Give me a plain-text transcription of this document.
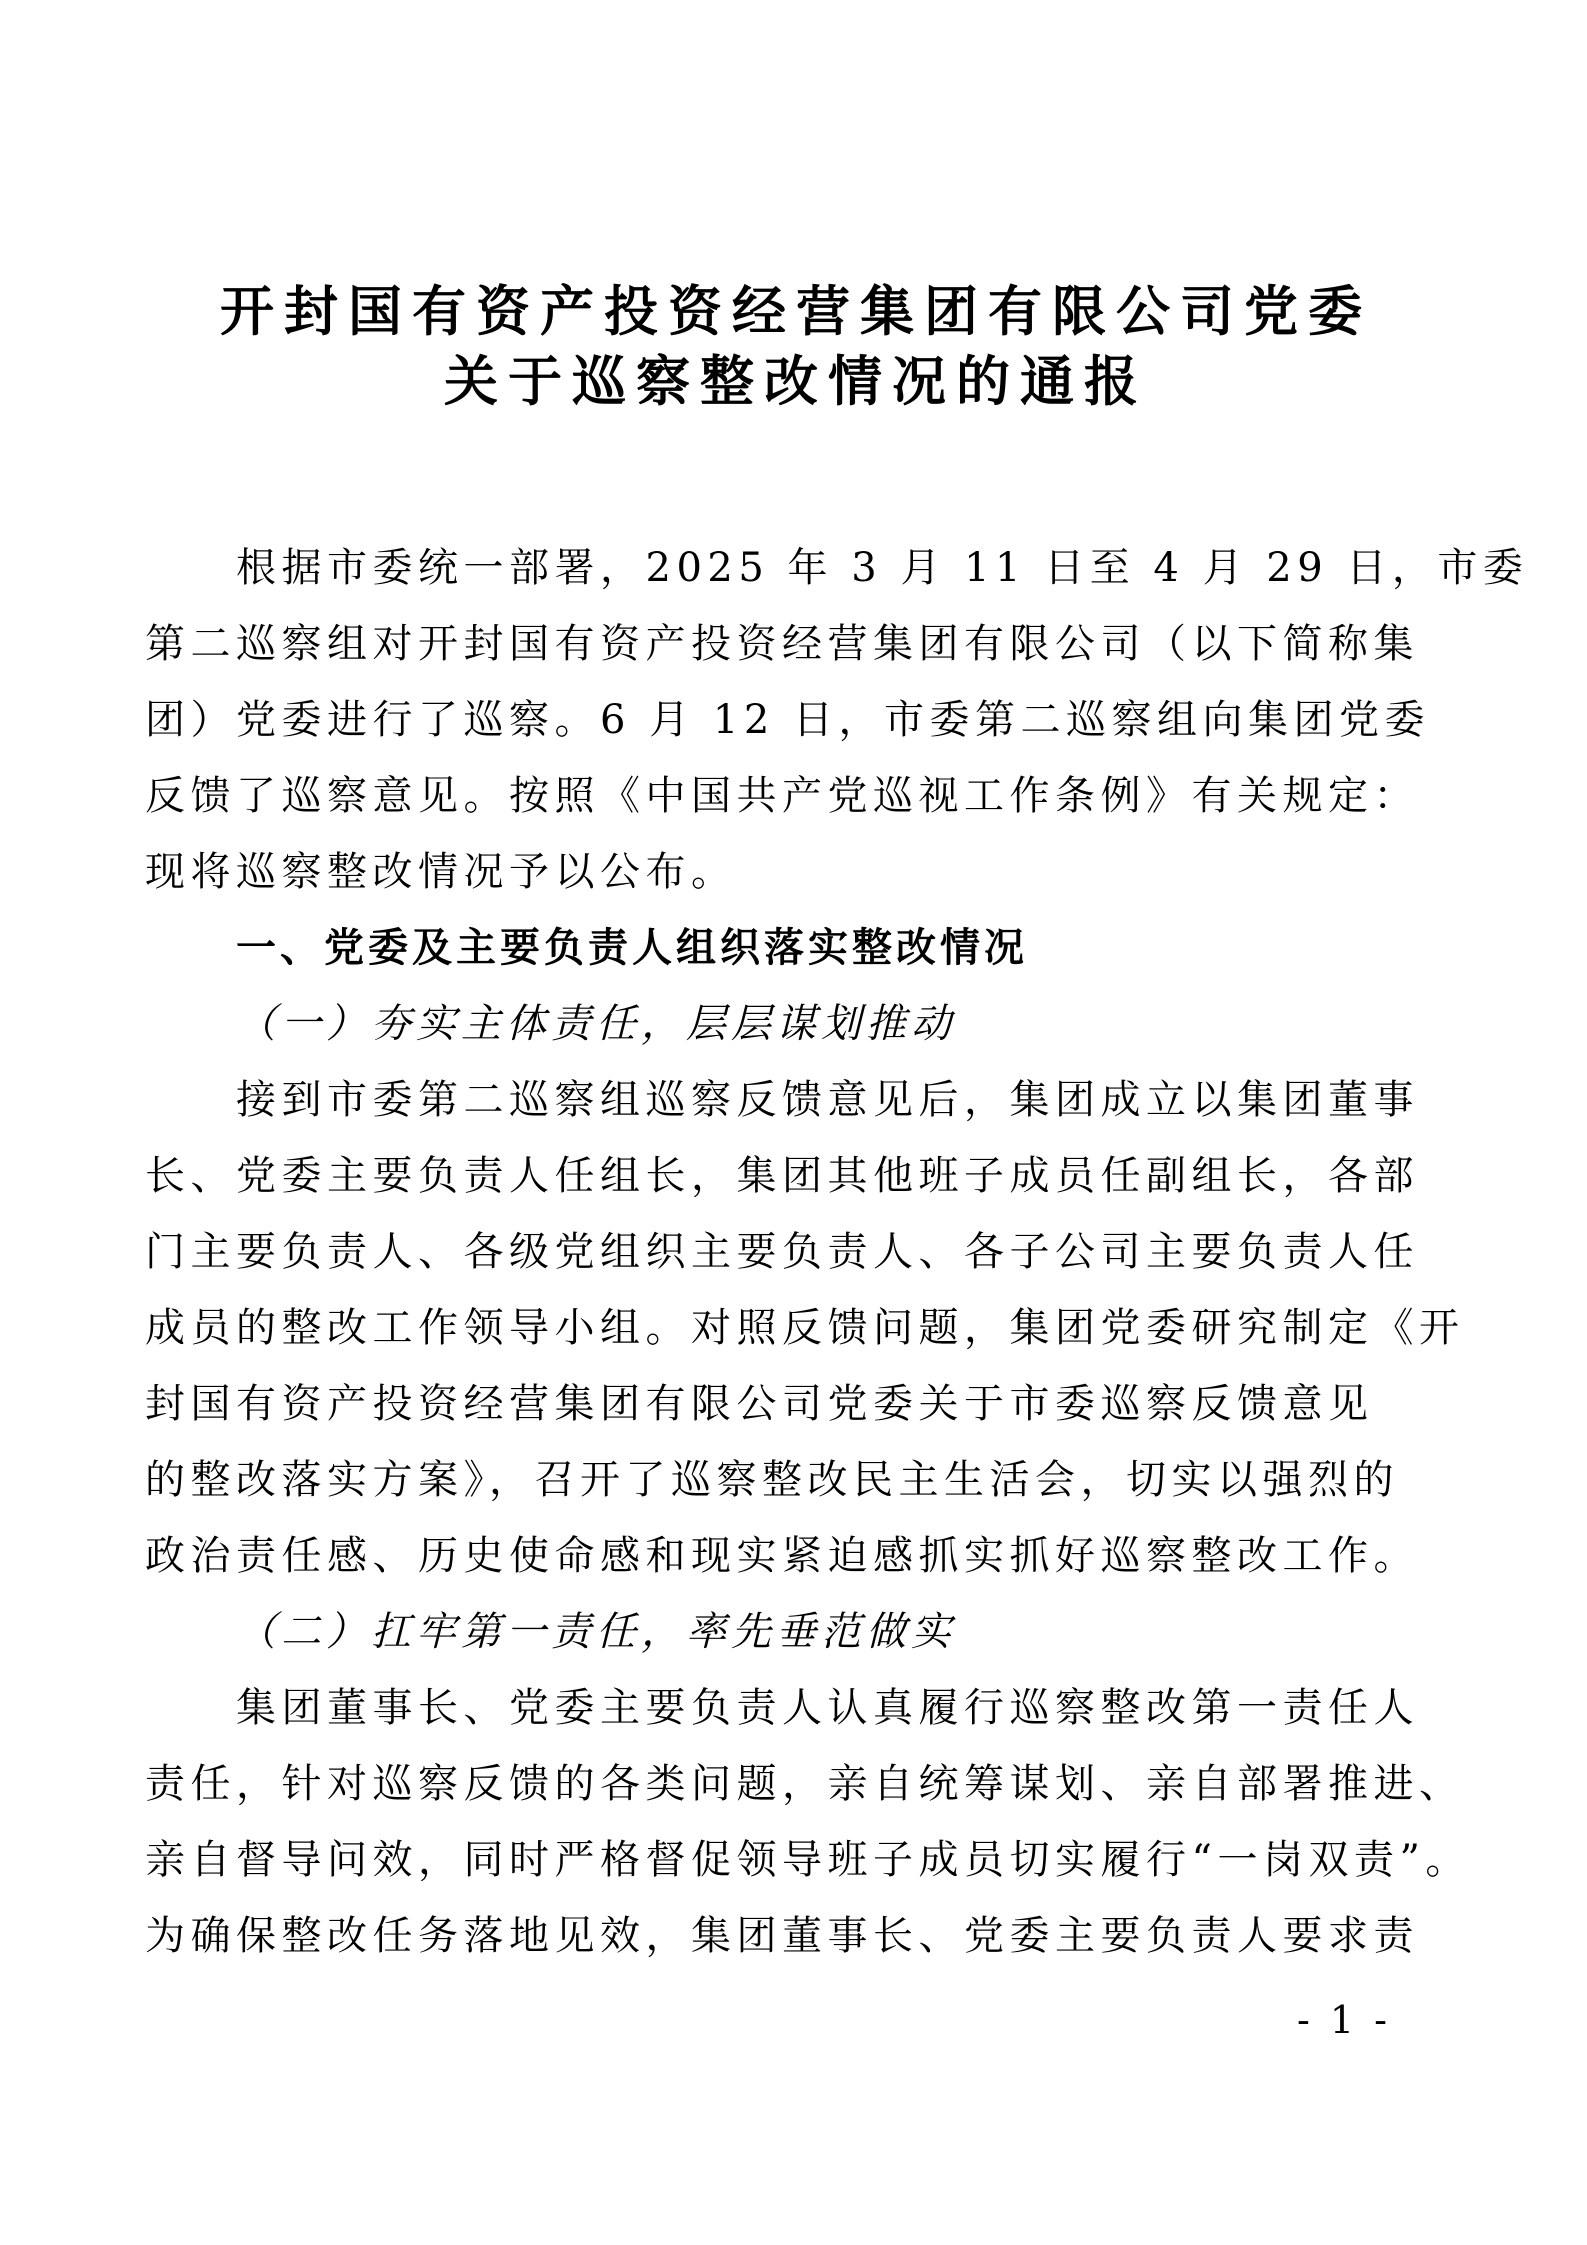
开封国有资产投资经营集团有限公司党委
关于巡察整改情况的通报
根据市委统一部署，2025 年 3 月 11 日至 4 月 29 日，市委
第二巡察组对开封国有资产投资经营集团有限公司（以下简称集
团）党委进行了巡察。6 月 12 日，市委第二巡察组向集团党委
反馈了巡察意见。按照《中国共产党巡视工作条例》有关规定：
现将巡察整改情况予以公布。
一、党委及主要负责人组织落实整改情况
（一）夯实主体责任，层层谋划推动
接到市委第二巡察组巡察反馈意见后，集团成立以集团董事
长、党委主要负责人任组长，集团其他班子成员任副组长，各部
门主要负责人、各级党组织主要负责人、各子公司主要负责人任
成员的整改工作领导小组。对照反馈问题，集团党委研究制定《开
封国有资产投资经营集团有限公司党委关于市委巡察反馈意见
的整改落实方案》，召开了巡察整改民主生活会，切实以强烈的
政治责任感、历史使命感和现实紧迫感抓实抓好巡察整改工作。
（二）扛牢第一责任，率先垂范做实
集团董事长、党委主要负责人认真履行巡察整改第一责任人
责任，针对巡察反馈的各类问题，亲自统筹谋划、亲自部署推进、
亲自督导问效，同时严格督促领导班子成员切实履行“一岗双责”。
为确保整改任务落地见效，集团董事长、党委主要负责人要求责
- 1 -
